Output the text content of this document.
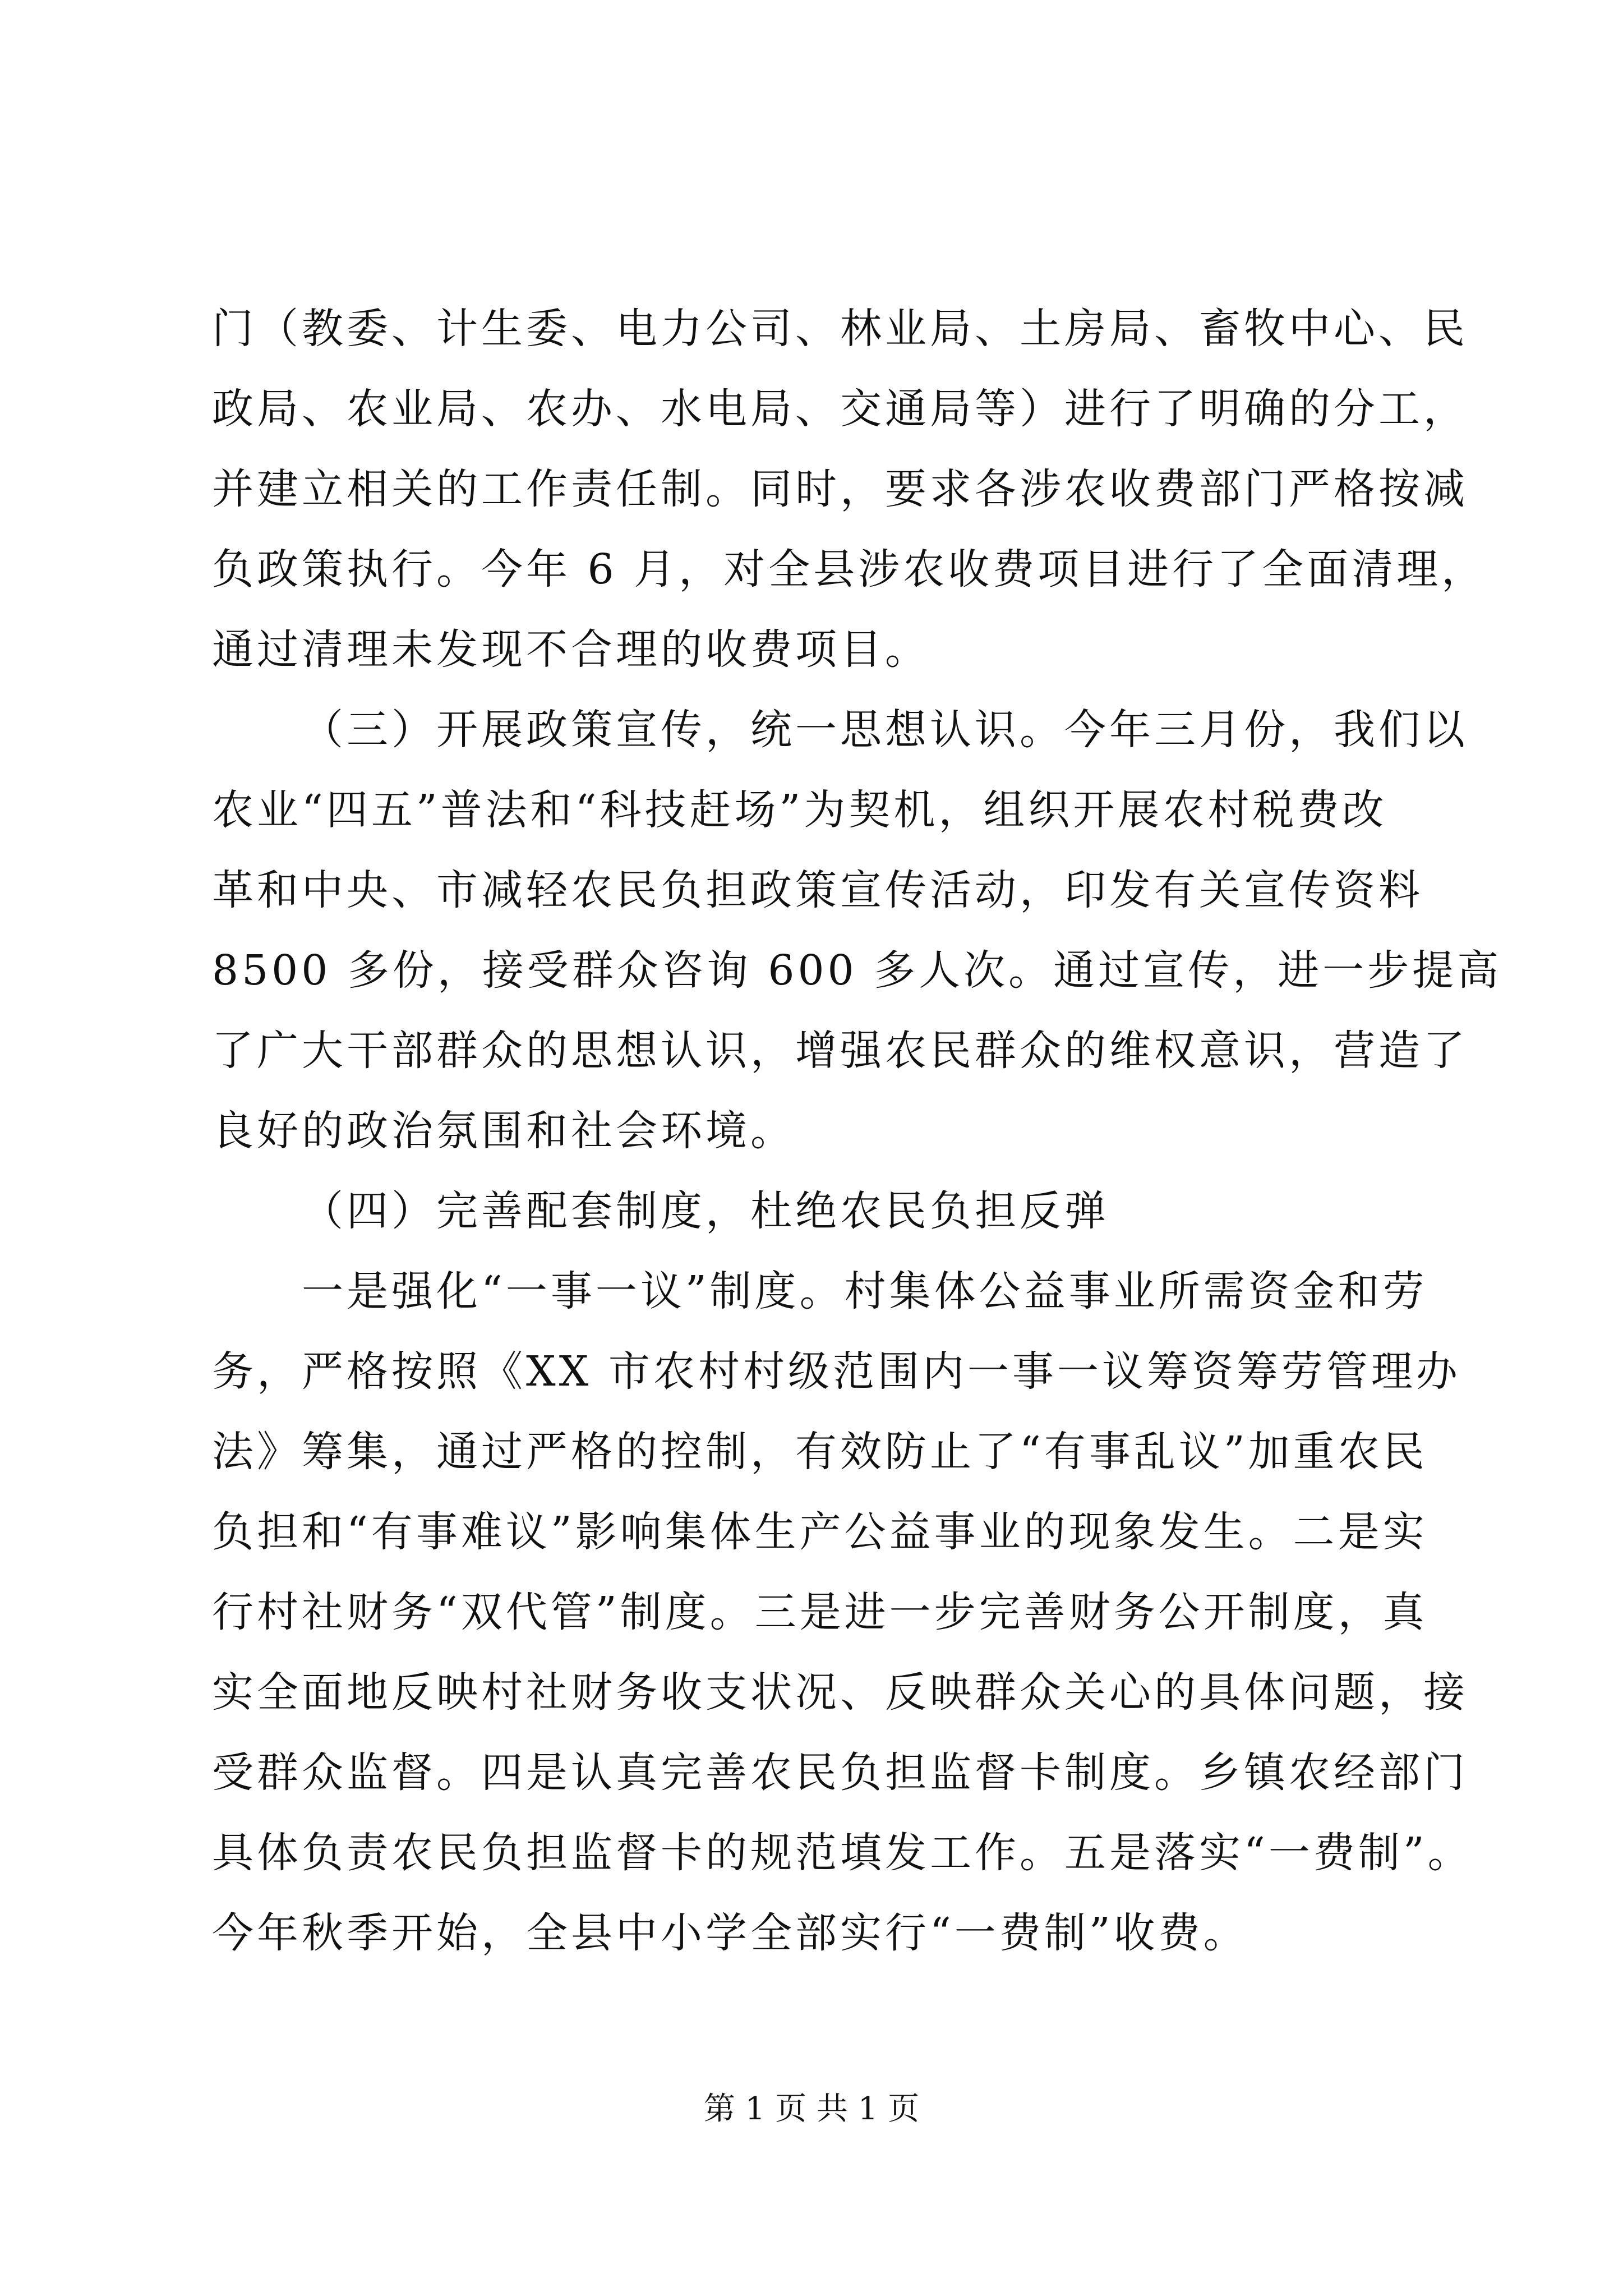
门（教委、计生委、电力公司、林业局、土房局、畜牧中心、民
政局、农业局、农办、水电局、交通局等）进行了明确的分工，
并建立相关的工作责任制。同时，要求各涉农收费部门严格按减
负政策执行。今年 6 月，对全县涉农收费项目进行了全面清理，
通过清理未发现不合理的收费项目。
（三）开展政策宣传，统一思想认识。今年三月份，我们以
农业“四五”普法和“科技赶场”为契机，组织开展农村税费改
革和中央、市减轻农民负担政策宣传活动，印发有关宣传资料
8500 多份，接受群众咨询 600 多人次。通过宣传，进一步提高
了广大干部群众的思想认识，增强农民群众的维权意识，营造了
良好的政治氛围和社会环境。
（四）完善配套制度，杜绝农民负担反弹
一是强化“一事一议”制度。村集体公益事业所需资金和劳
务，严格按照《XX 市农村村级范围内一事一议筹资筹劳管理办
法》筹集，通过严格的控制，有效防止了“有事乱议”加重农民
负担和“有事难议”影响集体生产公益事业的现象发生。二是实
行村社财务“双代管”制度。三是进一步完善财务公开制度，真
实全面地反映村社财务收支状况、反映群众关心的具体问题，接
受群众监督。四是认真完善农民负担监督卡制度。乡镇农经部门
具体负责农民负担监督卡的规范填发工作。五是落实“一费制”。
今年秋季开始，全县中小学全部实行“一费制”收费。
第 1 页 共 1 页
